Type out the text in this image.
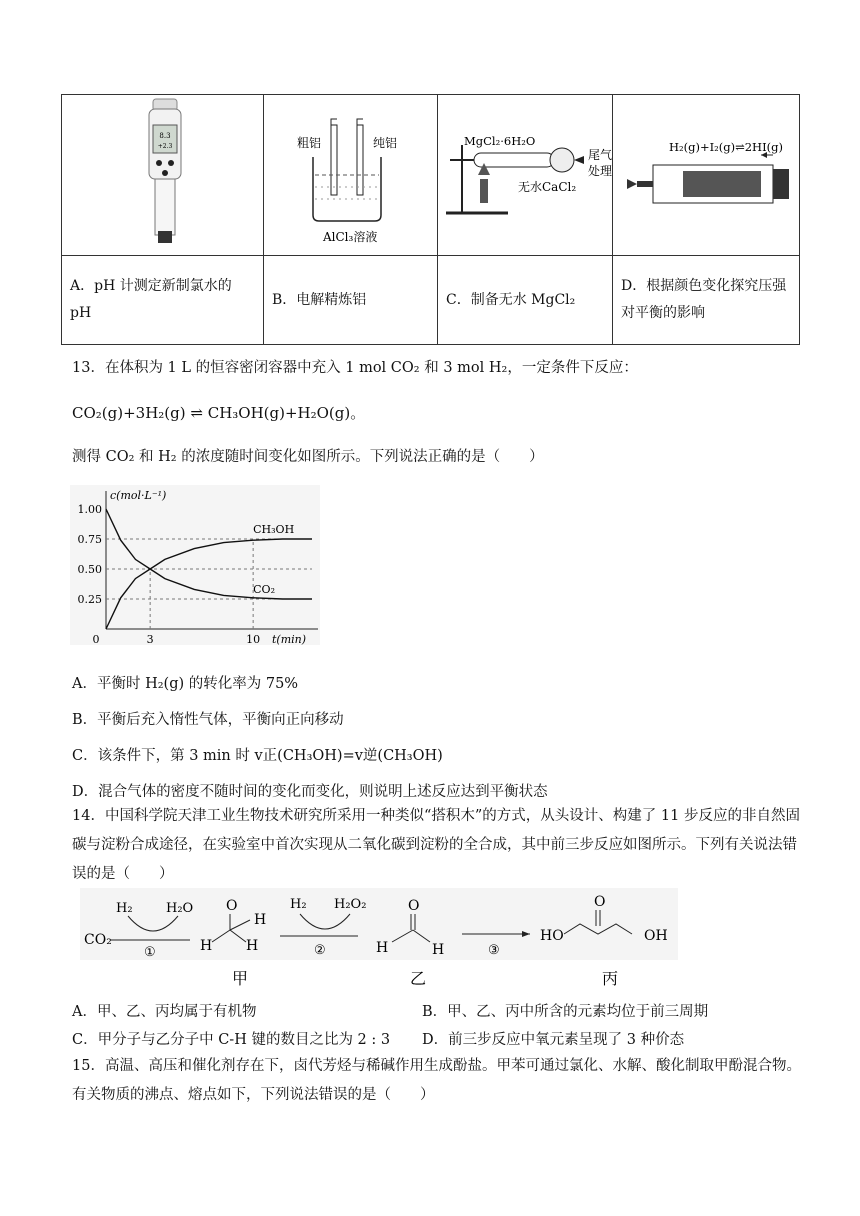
8.3
+2.3	粗铝 纯铝
AlCl₃溶液	MgCl₂·6H₂O
尾气
处理
无水CaCl₂	H₂(g)+I₂(g)⇌2HI(g)

A．pH 计测定新制氯水的 pH	B．电解精炼铝	C．制备无水 MgCl₂	D．根据颜色变化探究压强对平衡的影响
13．在体积为 1 L 的恒容密闭容器中充入 1 mol CO₂ 和 3 mol H₂，一定条件下反应：
CO₂(g)+3H₂(g) ⇌ CH₃OH(g)+H₂O(g)。
测得 CO₂ 和 H₂ 的浓度随时间变化如图所示。下列说法正确的是（　　）
c(mol·L⁻¹)
t(min)
0.25
0.50
0.75
1.00
0	3	10
CH₃OH
CO₂
A．平衡时 H₂(g) 的转化率为 75%
B．平衡后充入惰性气体，平衡向正向移动
C．该条件下，第 3 min 时 v正(CH₃OH)=v逆(CH₃OH)
D．混合气体的密度不随时间的变化而变化，则说明上述反应达到平衡状态
14．中国科学院天津工业生物技术研究所采用一种类似“搭积木”的方式，从头设计、构建了 11 步反应的非自然固碳与淀粉合成途径，在实验室中首次实现从二氧化碳到淀粉的全合成，其中前三步反应如图所示。下列有关说法错误的是（　　）
CO₂
H₂	H₂O
①
O
H
H
H
H₂ H₂O₂
②
O
H	H	③
HO
O
OH
甲	乙	丙
A．甲、乙、丙均属于有机物	B．甲、乙、丙中所含的元素均位于前三周期
C．甲分子与乙分子中 C-H 键的数目之比为 2 : 3 D．前三步反应中氧元素呈现了 3 种价态
15．高温、高压和催化剂存在下，卤代芳烃与稀碱作用生成酚盐。甲苯可通过氯化、水解、酸化制取甲酚混合物。有关物质的沸点、熔点如下，下列说法错误的是（　　）
